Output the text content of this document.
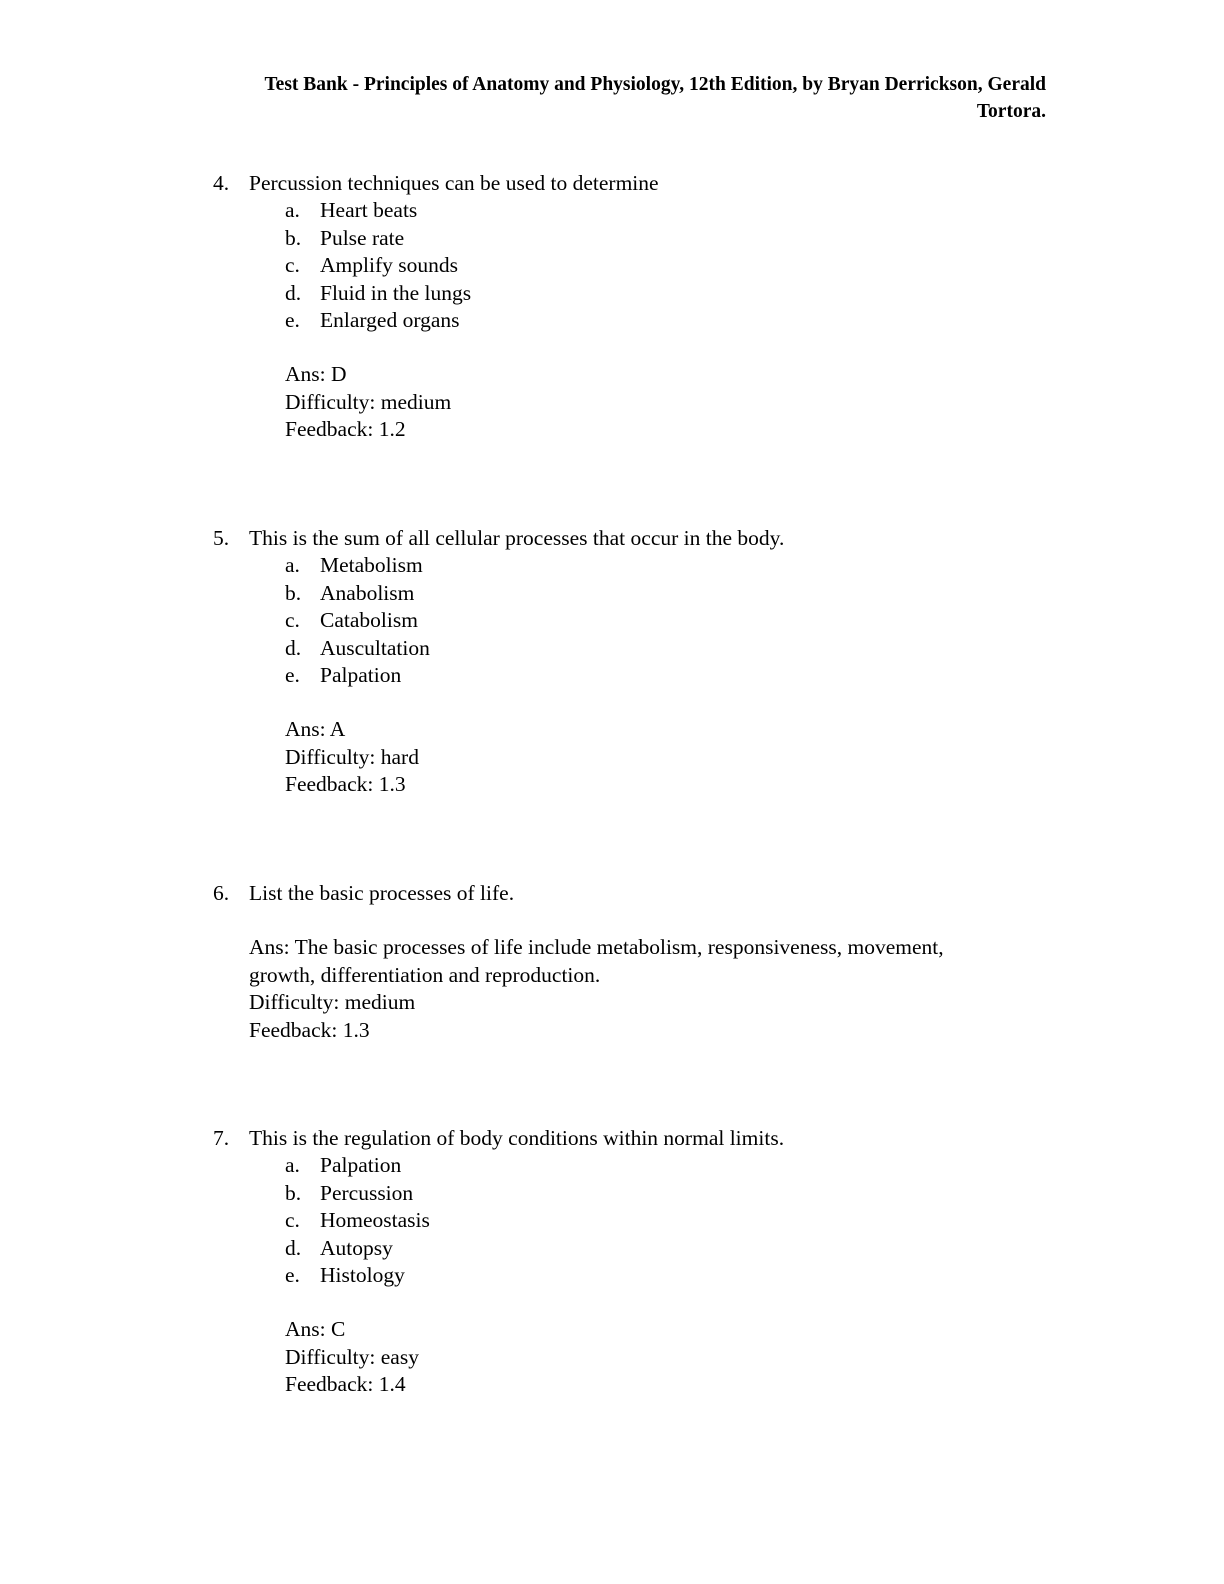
Test Bank - Principles of Anatomy and Physiology, 12th Edition, by Bryan Derrickson, Gerald
Tortora.
4. Percussion techniques can be used to determine
a. Heart beats
b. Pulse rate
c. Amplify sounds
d. Fluid in the lungs
e. Enlarged organs
Ans: D
Difficulty: medium
Feedback: 1.2
5. This is the sum of all cellular processes that occur in the body.
a. Metabolism
b. Anabolism
c. Catabolism
d. Auscultation
e. Palpation
Ans: A
Difficulty: hard
Feedback: 1.3
6. List the basic processes of life.
Ans: The basic processes of life include metabolism, responsiveness, movement,
growth, differentiation and reproduction.
Difficulty: medium
Feedback: 1.3
7. This is the regulation of body conditions within normal limits.
a. Palpation
b. Percussion
c. Homeostasis
d. Autopsy
e. Histology
Ans: C
Difficulty: easy
Feedback: 1.4
